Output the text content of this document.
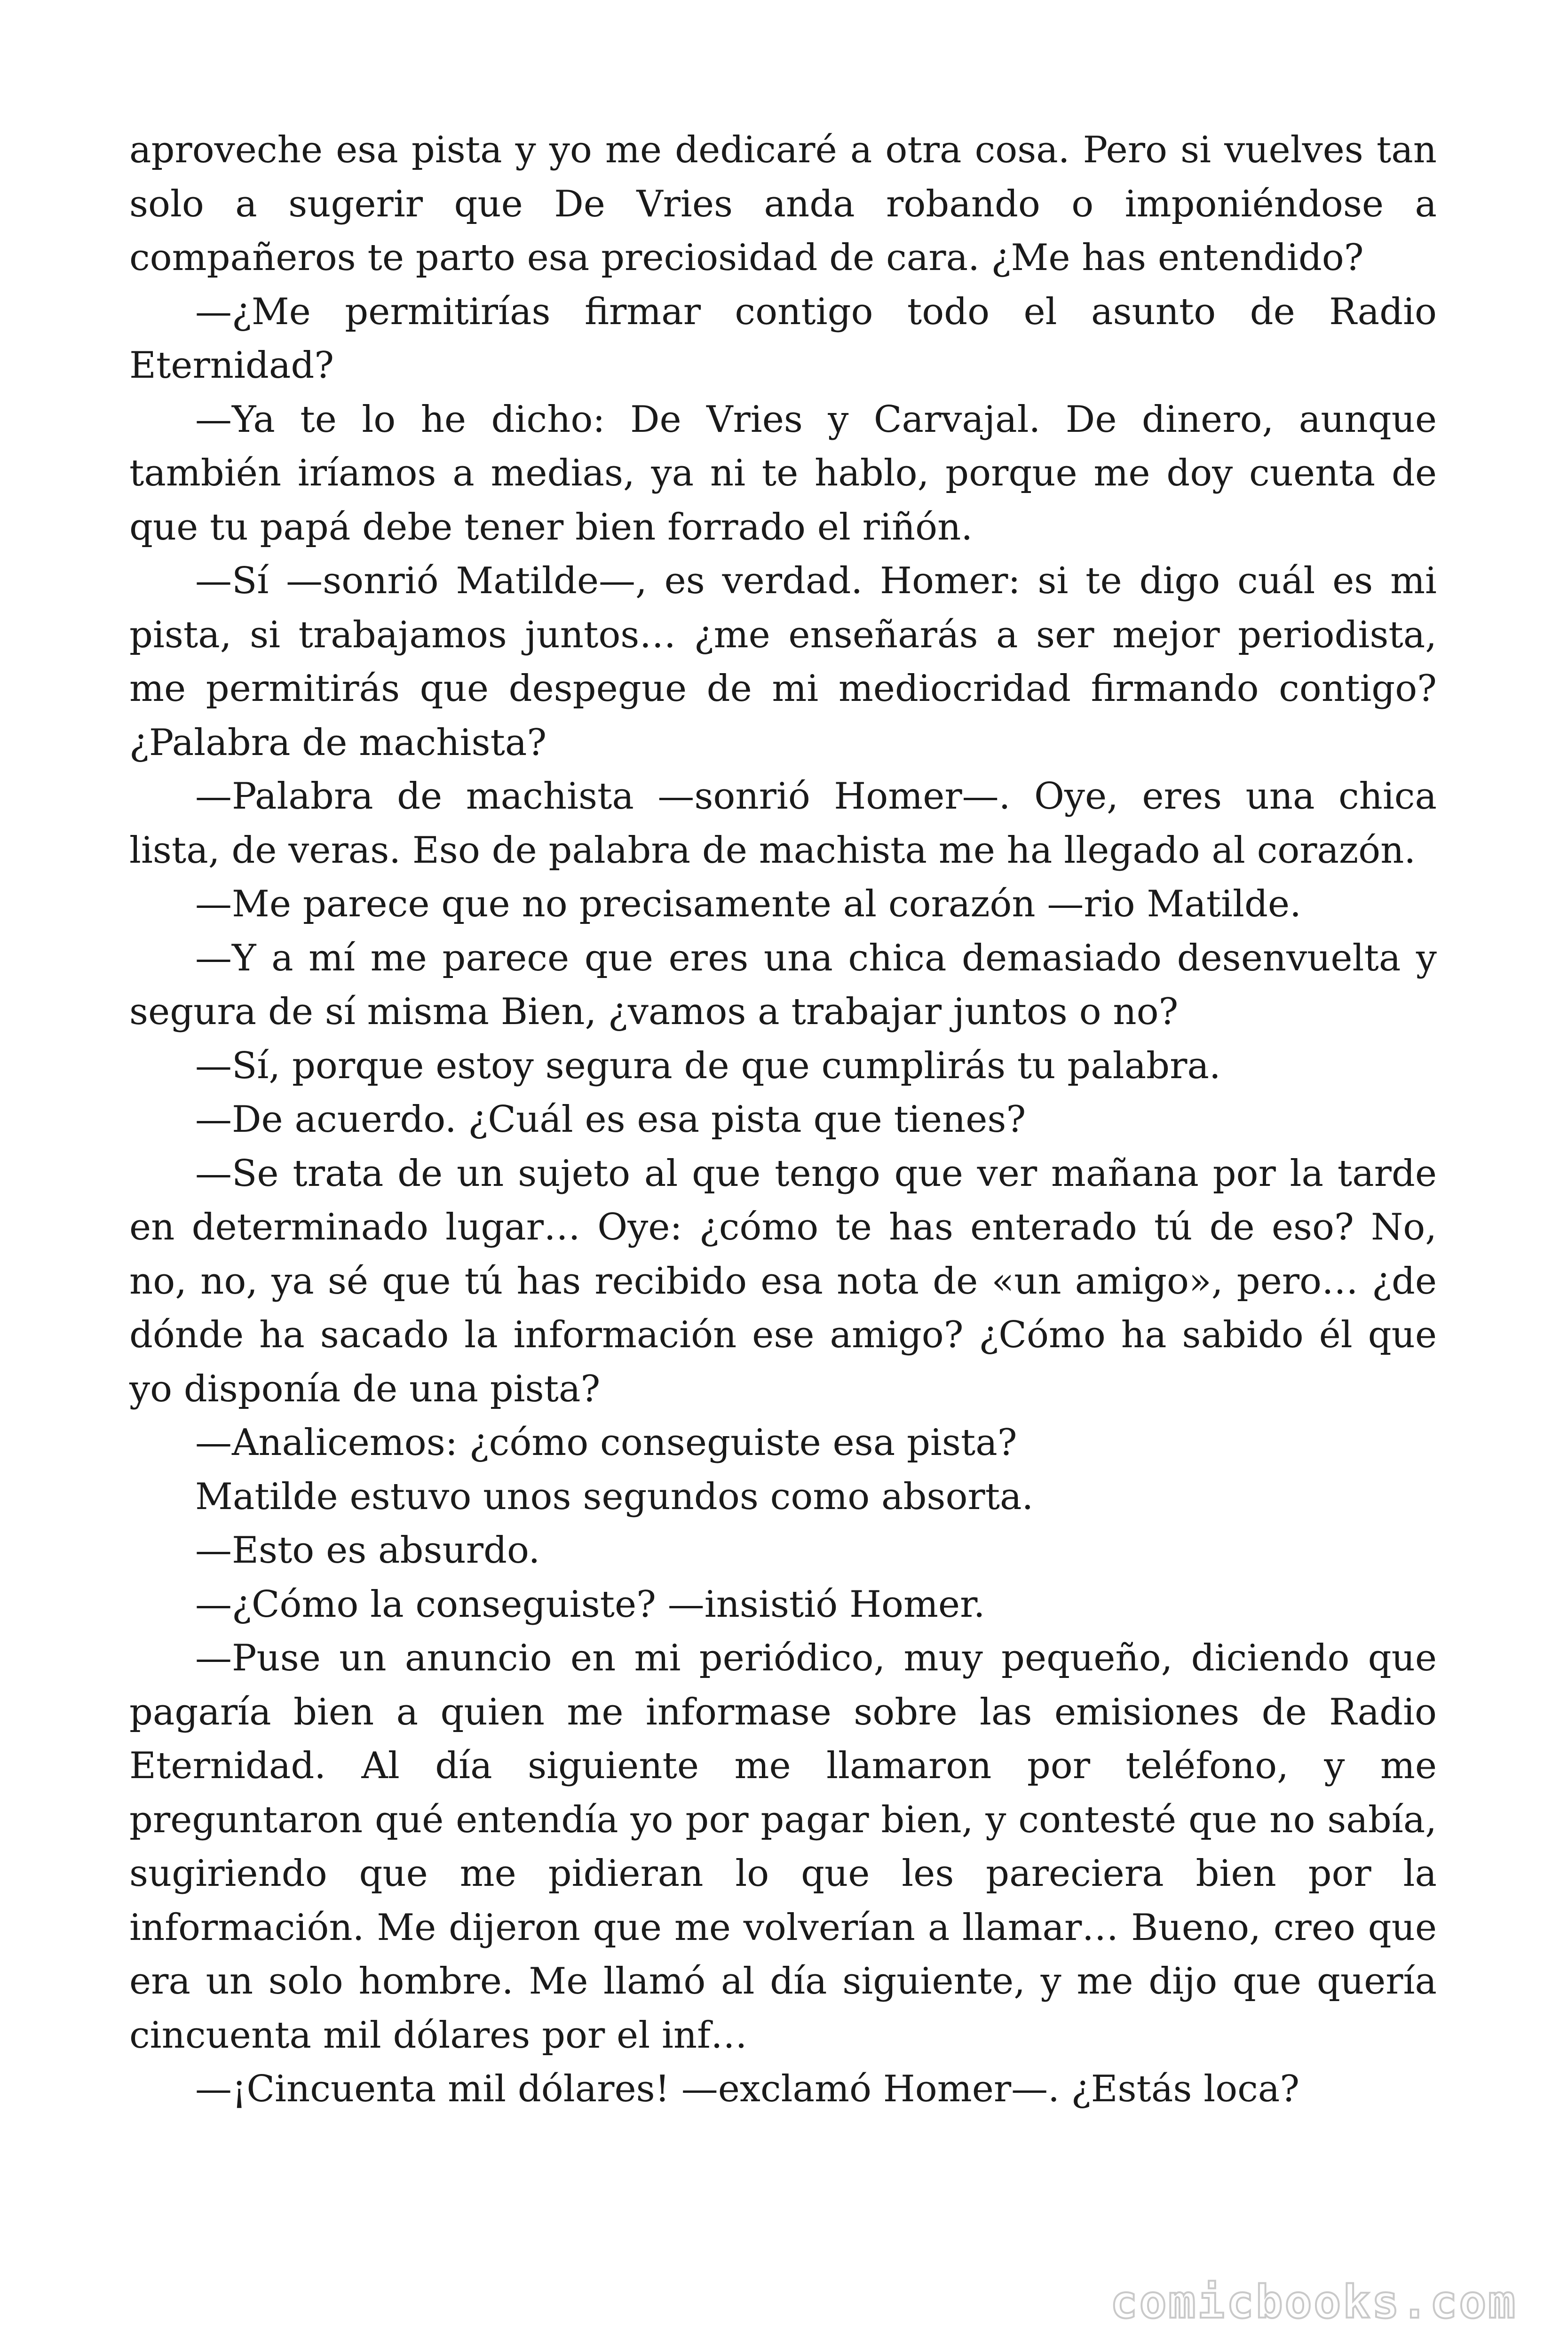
aproveche esa pista y yo me dedicaré a otra cosa. Pero si vuelves tan solo a sugerir que De Vries anda robando o imponiéndose a compañeros te parto esa preciosidad de cara. ¿Me has entendido?

—¿Me permitirías firmar contigo todo el asunto de Radio Eternidad?

—Ya te lo he dicho: De Vries y Carvajal. De dinero, aunque también iríamos a medias, ya ni te hablo, porque me doy cuenta de que tu papá debe tener bien forrado el riñón.

—Sí —sonrió Matilde—, es verdad. Homer: si te digo cuál es mi pista, si trabajamos juntos… ¿me enseñarás a ser mejor periodista, me permitirás que despegue de mi mediocridad firmando contigo? ¿Palabra de machista?

—Palabra de machista —sonrió Homer—. Oye, eres una chica lista, de veras. Eso de palabra de machista me ha llegado al corazón.

—Me parece que no precisamente al corazón —rio Matilde.

—Y a mí me parece que eres una chica demasiado desenvuelta y segura de sí misma Bien, ¿vamos a trabajar juntos o no?

—Sí, porque estoy segura de que cumplirás tu palabra.

—De acuerdo. ¿Cuál es esa pista que tienes?

—Se trata de un sujeto al que tengo que ver mañana por la tarde en determinado lugar… Oye: ¿cómo te has enterado tú de eso? No, no, no, ya sé que tú has recibido esa nota de «un amigo», pero… ¿de dónde ha sacado la información ese amigo? ¿Cómo ha sabido él que yo disponía de una pista?

—Analicemos: ¿cómo conseguiste esa pista?

Matilde estuvo unos segundos como absorta.

—Esto es absurdo.

—¿Cómo la conseguiste? —insistió Homer.

—Puse un anuncio en mi periódico, muy pequeño, diciendo que pagaría bien a quien me informase sobre las emisiones de Radio Eternidad. Al día siguiente me llamaron por teléfono, y me preguntaron qué entendía yo por pagar bien, y contesté que no sabía, sugiriendo que me pidieran lo que les pareciera bien por la información. Me dijeron que me volverían a llamar… Bueno, creo que era un solo hombre. Me llamó al día siguiente, y me dijo que quería cincuenta mil dólares por el inf…

—¡Cincuenta mil dólares! —exclamó Homer—. ¿Estás loca?

comicbooks.com
